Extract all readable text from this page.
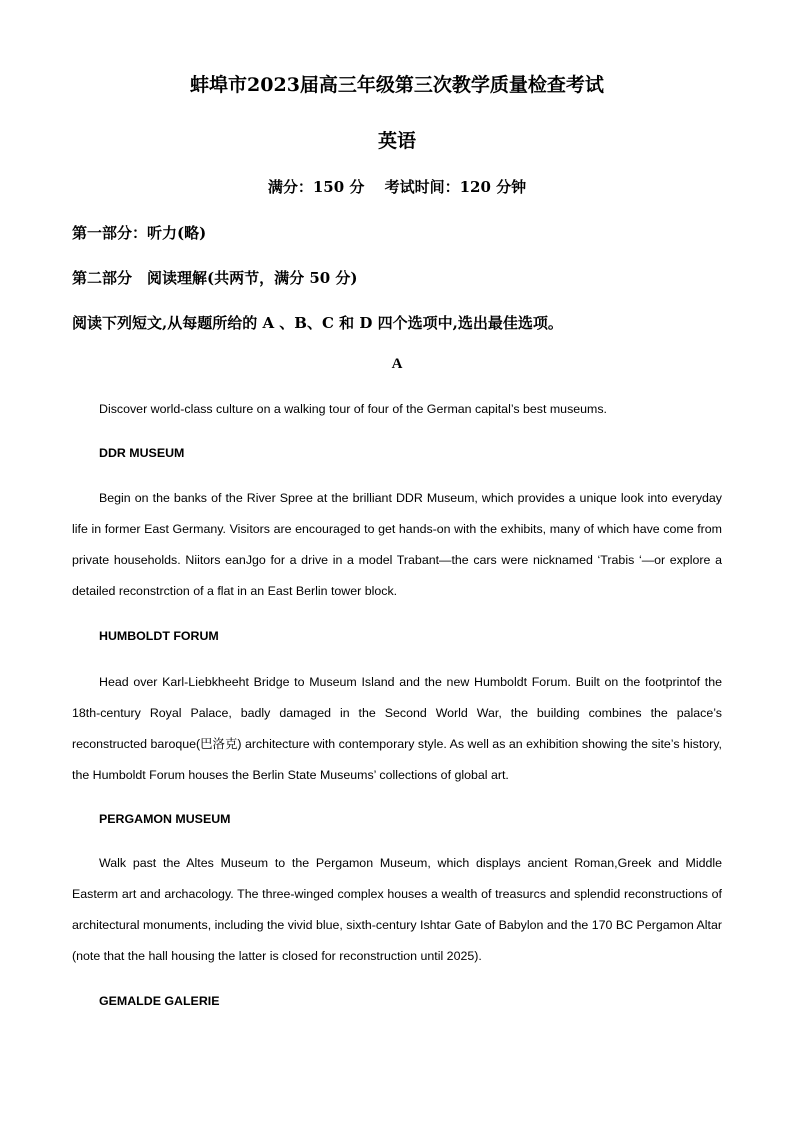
蚌埠市2023届高三年级第三次教学质量检查考试
英语
满分：150 分　 考试时间：120 分钟
第一部分：听力(略)
第二部分　阅读理解(共两节，满分 50 分)
阅读下列短文,从每题所给的 A 、B、C 和 D 四个选项中,选出最佳选项。
A

Discover world-class culture on a walking tour of four of the German capital’s best museums.

DDR MUSEUM

Begin on the banks of the River Spree at the brilliant DDR Museum, which provides a unique look into everyday life in former East Germany. Visitors are encouraged to get hands-on with the exhibits, many of which have come from private households. Niitors eanJgo for a drive in a model Trabant—the cars were nicknamed ‘Trabis ‘—or explore a detailed reconstrction of a flat in an East Berlin tower block.

HUMBOLDT FORUM

Head over Karl-Liebkheeht Bridge to Museum Island and the new Humboldt Forum. Built on the footprintof the 18th-century Royal Palace, badly damaged in the Second World War, the building combines the palace’s reconstructed baroque(巴洛克) architecture with contemporary style. As well as an exhibition showing the site’s history, the Humboldt Forum houses the Berlin State Museums’ collections of global art.

PERGAMON MUSEUM

Walk past the Altes Museum to the Pergamon Museum, which displays ancient Roman,Greek and Middle Easterm art and archacology. The three-winged complex houses a wealth of treasurcs and splendid reconstructions of architectural monuments, including the vivid blue, sixth-century Ishtar Gate of Babylon and the 170 BC Pergamon Altar (note that the hall housing the latter is closed for reconstruction until 2025).

GEMALDE GALERIE
